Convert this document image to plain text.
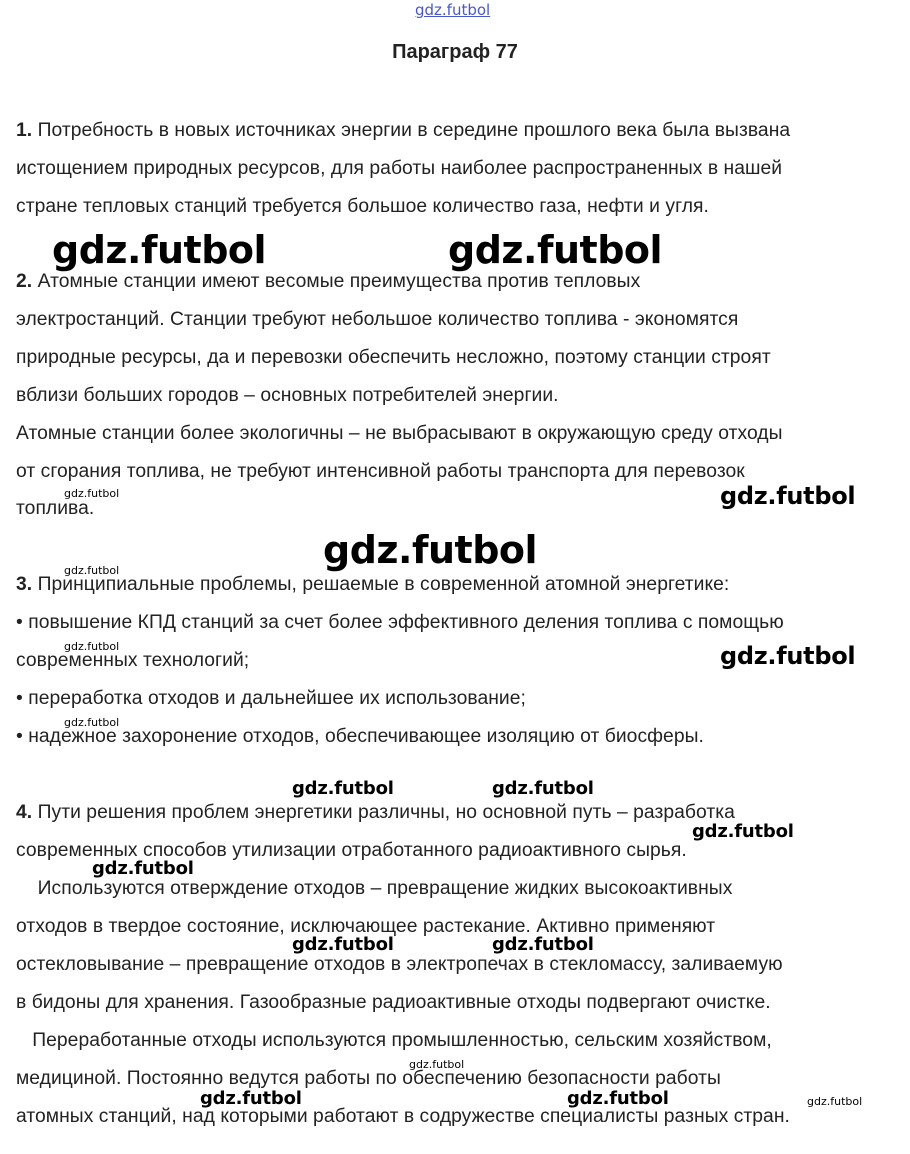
gdz.futbol
Параграф 77
1. Потребность в новых источниках энергии в середине прошлого века была вызвана
истощением природных ресурсов, для работы наиболее распространенных в нашей
стране тепловых станций требуется большое количество газа, нефти и угля.
2. Атомные станции имеют весомые преимущества против тепловых
электростанций. Станции требуют небольшое количество топлива - экономятся
природные ресурсы, да и перевозки обеспечить несложно, поэтому станции строят
вблизи больших городов – основных потребителей энергии.
Атомные станции более экологичны – не выбрасывают в окружающую среду отходы
от сгорания топлива, не требуют интенсивной работы транспорта для перевозок
топлива.
3. Принципиальные проблемы, решаемые в современной атомной энергетике:
• повышение КПД станций за счет более эффективного деления топлива с помощью
современных технологий;
• переработка отходов и дальнейшее их использование;
• надежное захоронение отходов, обеспечивающее изоляцию от биосферы.
4. Пути решения проблем энергетики различны, но основной путь – разработка
современных способов утилизации отработанного радиоактивного сырья.
Используются отверждение отходов – превращение жидких высокоактивных
отходов в твердое состояние, исключающее растекание. Активно применяют
остекловывание – превращение отходов в электропечах в стекломассу, заливаемую
в бидоны для хранения. Газообразные радиоактивные отходы подвергают очистке.
Переработанные отходы используются промышленностью, сельским хозяйством,
медициной. Постоянно ведутся работы по обеспечению безопасности работы
атомных станций, над которыми работают в содружестве специалисты разных стран.
gdz.futbol	gdz.futbol
gdz.futbol	gdz.futbol
gdz.futbol
gdz.futbol
gdz.futbol	gdz.futbol
gdz.futbol
gdz.futbol	gdz.futbol
gdz.futbol
gdz.futbol
gdz.futbol	gdz.futbol
gdz.futbol
gdz.futbol	gdz.futbol	gdz.futbol
